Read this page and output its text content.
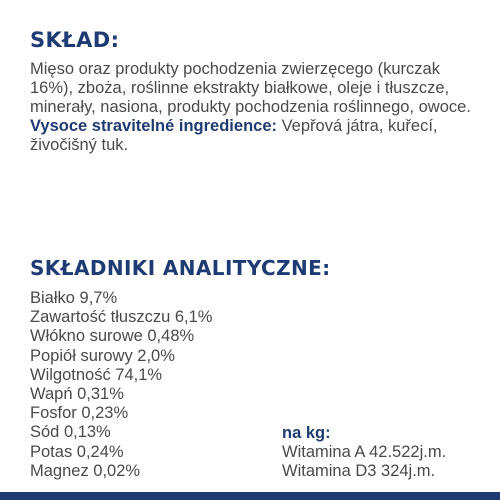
SKŁAD:

Mięso oraz produkty pochodzenia zwierzęcego (kurczak 16%), zboża, roślinne ekstrakty białkowe, oleje i tłuszcze, minerały, nasiona, produkty pochodzenia roślinnego, owoce. Vysoce stravitelné ingredience: Vepřová játra, kuřecí, živočišný tuk.

SKŁADNIKI ANALITYCZNE:
Białko 9,7%
Zawartość tłuszczu 6,1%
Włókno surowe 0,48%
Popiół surowy 2,0%
Wilgotność 74,1%
Wapń 0,31%
Fosfor 0,23%
Sód 0,13%
Potas 0,24%
Magnez 0,02%
na kg:
Witamina A 42.522j.m.
Witamina D3 324j.m.
